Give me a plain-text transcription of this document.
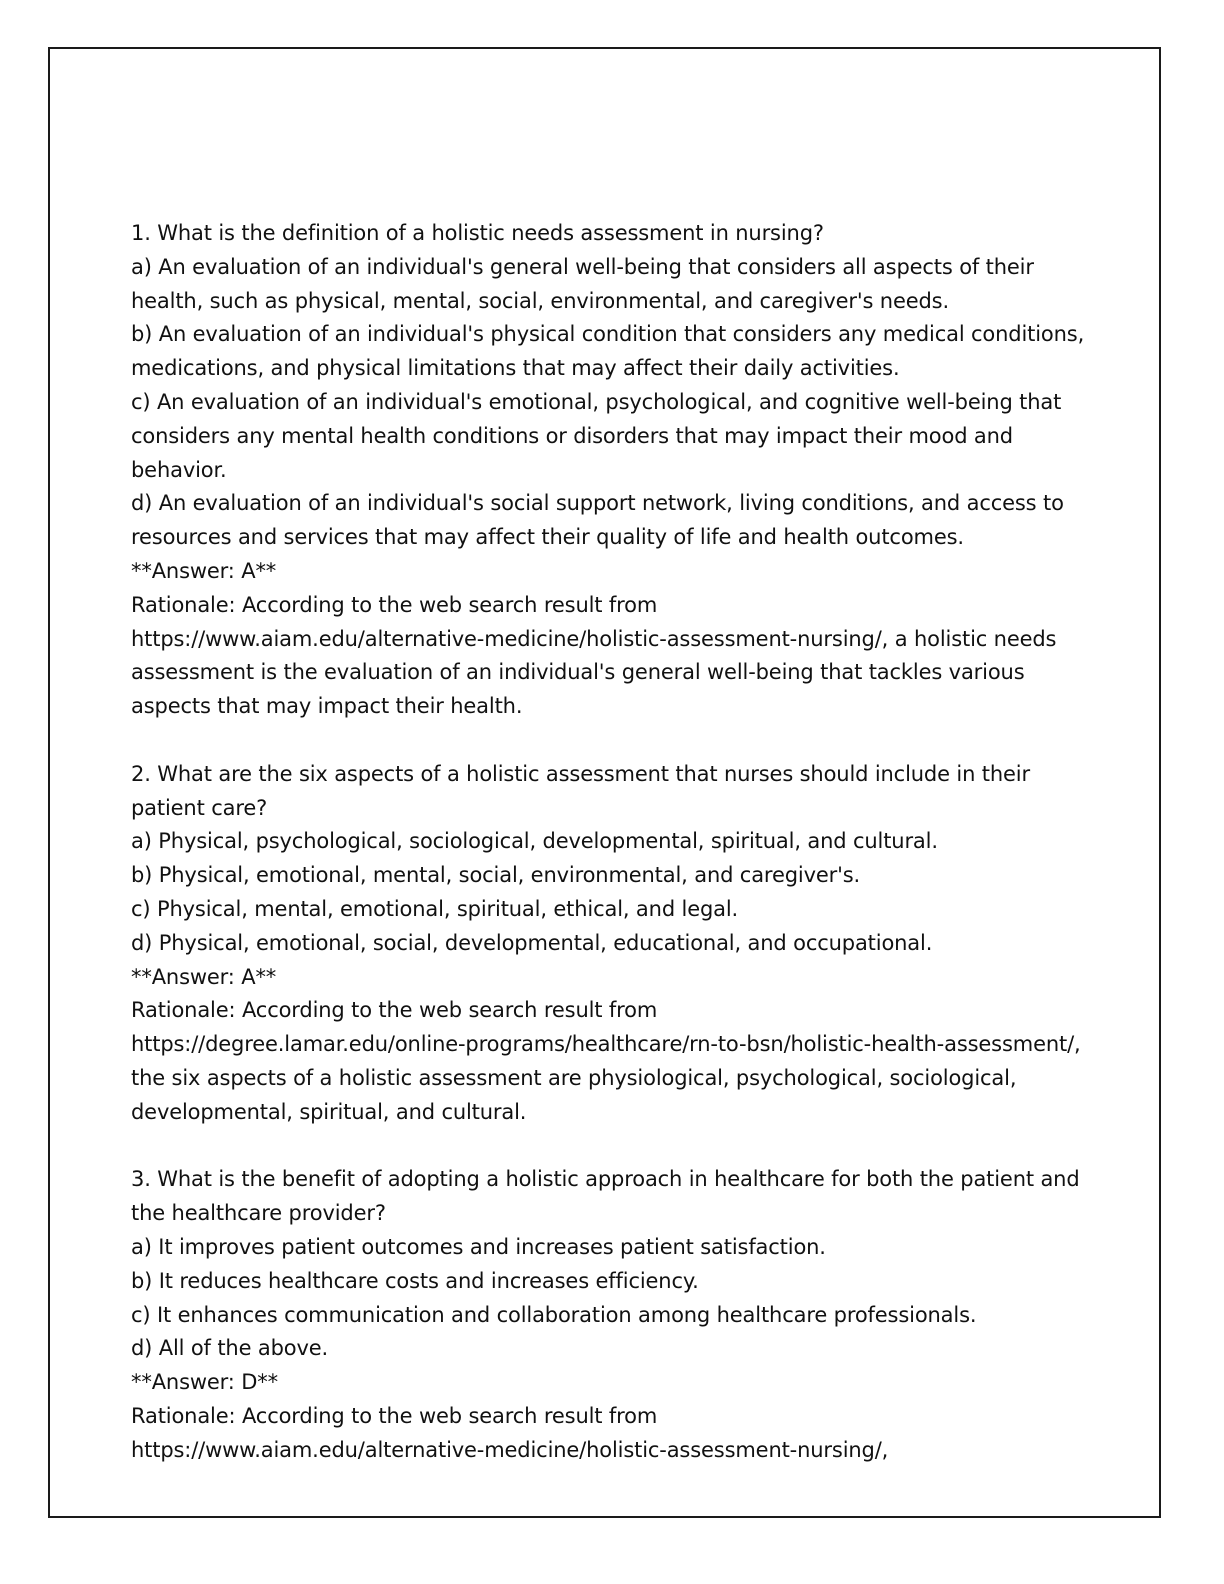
1. What is the definition of a holistic needs assessment in nursing?

a) An evaluation of an individual's general well-being that considers all aspects of their health, such as physical, mental, social, environmental, and caregiver's needs.

b) An evaluation of an individual's physical condition that considers any medical conditions, medications, and physical limitations that may affect their daily activities.

c) An evaluation of an individual's emotional, psychological, and cognitive well-being that considers any mental health conditions or disorders that may impact their mood and behavior.

d) An evaluation of an individual's social support network, living conditions, and access to resources and services that may affect their quality of life and health outcomes.

**Answer: A**

Rationale: According to the web search result from

https://www.aiam.edu/alternative-medicine/holistic-assessment-nursing/, a holistic needs assessment is the evaluation of an individual's general well-being that tackles various aspects that may impact their health.

2. What are the six aspects of a holistic assessment that nurses should include in their patient care?

a) Physical, psychological, sociological, developmental, spiritual, and cultural.

b) Physical, emotional, mental, social, environmental, and caregiver's.

c) Physical, mental, emotional, spiritual, ethical, and legal.

d) Physical, emotional, social, developmental, educational, and occupational.

**Answer: A**

Rationale: According to the web search result from

https://degree.lamar.edu/online-programs/healthcare/rn-to-bsn/holistic-health-assessment/, the six aspects of a holistic assessment are physiological, psychological, sociological, developmental, spiritual, and cultural.

3. What is the benefit of adopting a holistic approach in healthcare for both the patient and the healthcare provider?

a) It improves patient outcomes and increases patient satisfaction.

b) It reduces healthcare costs and increases efficiency.

c) It enhances communication and collaboration among healthcare professionals.

d) All of the above.

**Answer: D**

Rationale: According to the web search result from

https://www.aiam.edu/alternative-medicine/holistic-assessment-nursing/,
